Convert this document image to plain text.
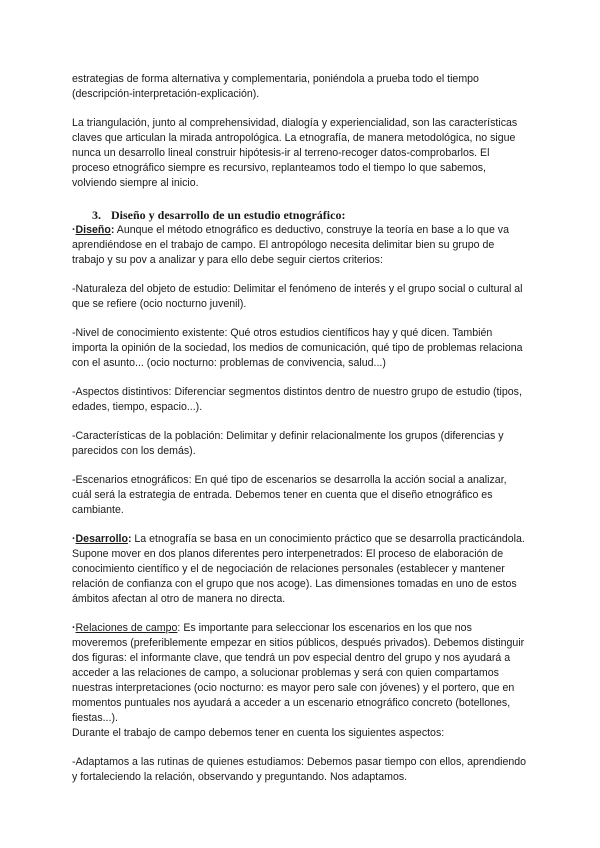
estrategias de forma alternativa y complementaria, poniéndola a prueba todo el tiempo (descripción-interpretación-explicación).

La triangulación, junto al comprehensividad, dialogía y experiencialidad, son las características claves que articulan la mirada antropológica. La etnografía, de manera metodológica, no sigue nunca un desarrollo lineal construir hipótesis-ir al terreno-recoger datos-comprobarlos. El proceso etnográfico siempre es recursivo, replanteamos todo el tiempo lo que sabemos, volviendo siempre al inicio.

3. Diseño y desarrollo de un estudio etnográfico:

·Diseño: Aunque el método etnográfico es deductivo, construye la teoría en base a lo que va aprendiéndose en el trabajo de campo. El antropólogo necesita delimitar bien su grupo de trabajo y su pov a analizar y para ello debe seguir ciertos criterios:

-Naturaleza del objeto de estudio: Delimitar el fenómeno de interés y el grupo social o cultural al que se refiere (ocio nocturno juvenil).

-Nivel de conocimiento existente: Qué otros estudios científicos hay y qué dicen. También importa la opinión de la sociedad, los medios de comunicación, qué tipo de problemas relaciona con el asunto... (ocio nocturno: problemas de convivencia, salud...)

-Aspectos distintivos: Diferenciar segmentos distintos dentro de nuestro grupo de estudio (tipos, edades, tiempo, espacio...).

-Características de la población: Delimitar y definir relacionalmente los grupos (diferencias y parecidos con los demás).

-Escenarios etnográficos: En qué tipo de escenarios se desarrolla la acción social a analizar, cuál será la estrategia de entrada. Debemos tener en cuenta que el diseño etnográfico es cambiante.

·Desarrollo: La etnografía se basa en un conocimiento práctico que se desarrolla practicándola. Supone mover en dos planos diferentes pero interpenetrados: El proceso de elaboración de conocimiento científico y el de negociación de relaciones personales (establecer y mantener relación de confianza con el grupo que nos acoge). Las dimensiones tomadas en uno de estos ámbitos afectan al otro de manera no directa.

·Relaciones de campo: Es importante para seleccionar los escenarios en los que nos moveremos (preferiblemente empezar en sitios públicos, después privados). Debemos distinguir dos figuras: el informante clave, que tendrá un pov especial dentro del grupo y nos ayudará a acceder a las relaciones de campo, a solucionar problemas y será con quien compartamos nuestras interpretaciones (ocio nocturno: es mayor pero sale con jóvenes) y el portero, que en momentos puntuales nos ayudará a acceder a un escenario etnográfico concreto (botellones, fiestas...).

Durante el trabajo de campo debemos tener en cuenta los siguientes aspectos:

-Adaptamos a las rutinas de quienes estudiamos: Debemos pasar tiempo con ellos, aprendiendo y fortaleciendo la relación, observando y preguntando. Nos adaptamos.
